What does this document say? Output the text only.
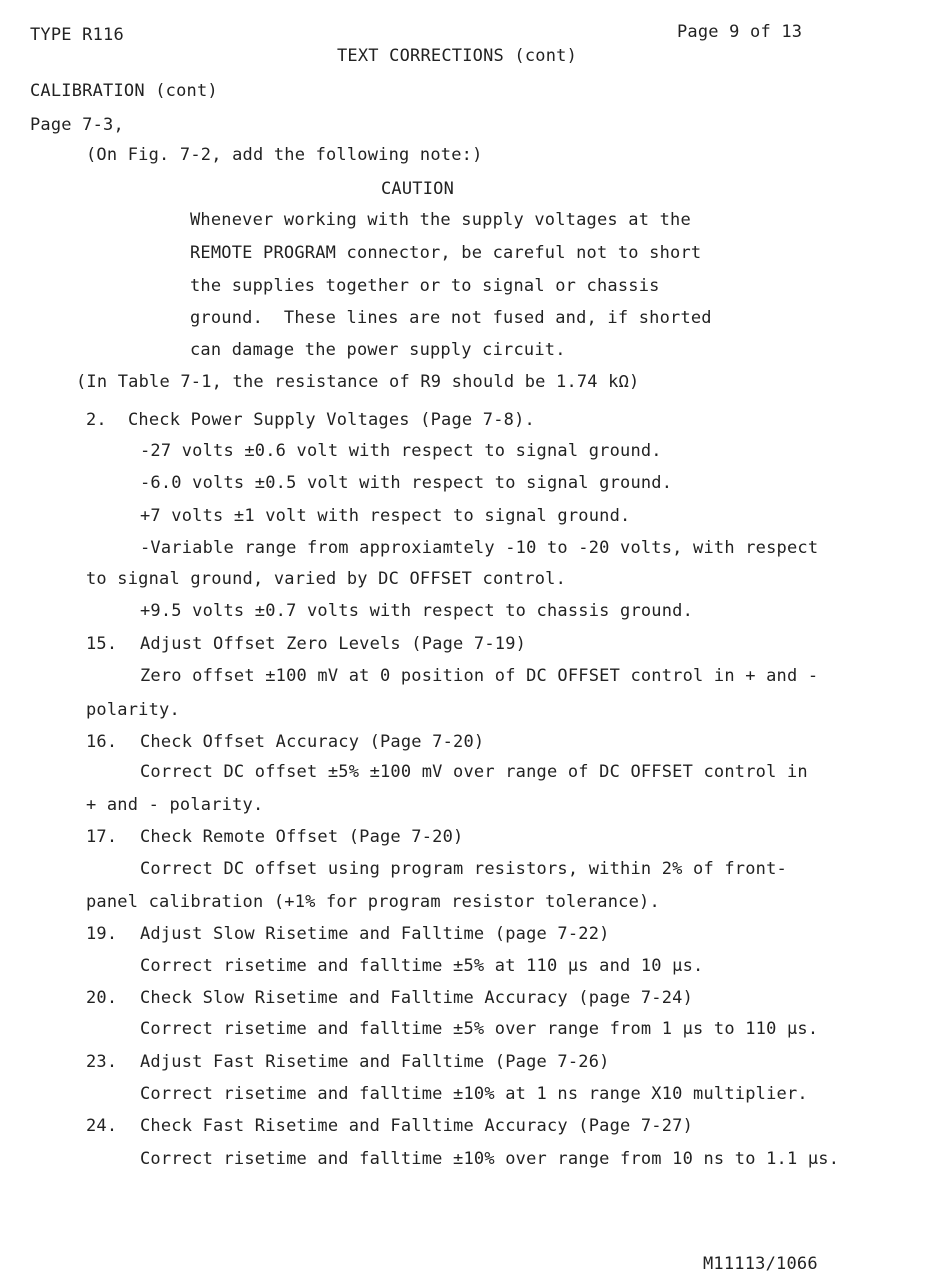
TYPE R116	Page 9 of 13
TEXT CORRECTIONS (cont)
CALIBRATION (cont)
Page 7-3,
(On Fig. 7-2, add the following note:)
CAUTION
Whenever working with the supply voltages at the
REMOTE PROGRAM connector, be careful not to short
the supplies together or to signal or chassis
ground.  These lines are not fused and, if shorted
can damage the power supply circuit.
(In Table 7-1, the resistance of R9 should be 1.74 kΩ)
2. Check Power Supply Voltages (Page 7-8).
-27 volts ±0.6 volt with respect to signal ground.
-6.0 volts ±0.5 volt with respect to signal ground.
+7 volts ±1 volt with respect to signal ground.
-Variable range from approxiamtely -10 to -20 volts, with respect
to signal ground, varied by DC OFFSET control.
+9.5 volts ±0.7 volts with respect to chassis ground.
15. Adjust Offset Zero Levels (Page 7-19)
Zero offset ±100 mV at 0 position of DC OFFSET control in + and -
polarity.
16. Check Offset Accuracy (Page 7-20)
Correct DC offset ±5% ±100 mV over range of DC OFFSET control in
+ and - polarity.
17. Check Remote Offset (Page 7-20)
Correct DC offset using program resistors, within 2% of front-
panel calibration (+1% for program resistor tolerance).
19. Adjust Slow Risetime and Falltime (page 7-22)
Correct risetime and falltime ±5% at 110 µs and 10 µs.
20. Check Slow Risetime and Falltime Accuracy (page 7-24)
Correct risetime and falltime ±5% over range from 1 µs to 110 µs.
23. Adjust Fast Risetime and Falltime (Page 7-26)
Correct risetime and falltime ±10% at 1 ns range X10 multiplier.
24. Check Fast Risetime and Falltime Accuracy (Page 7-27)
Correct risetime and falltime ±10% over range from 10 ns to 1.1 µs.
M11113/1066
